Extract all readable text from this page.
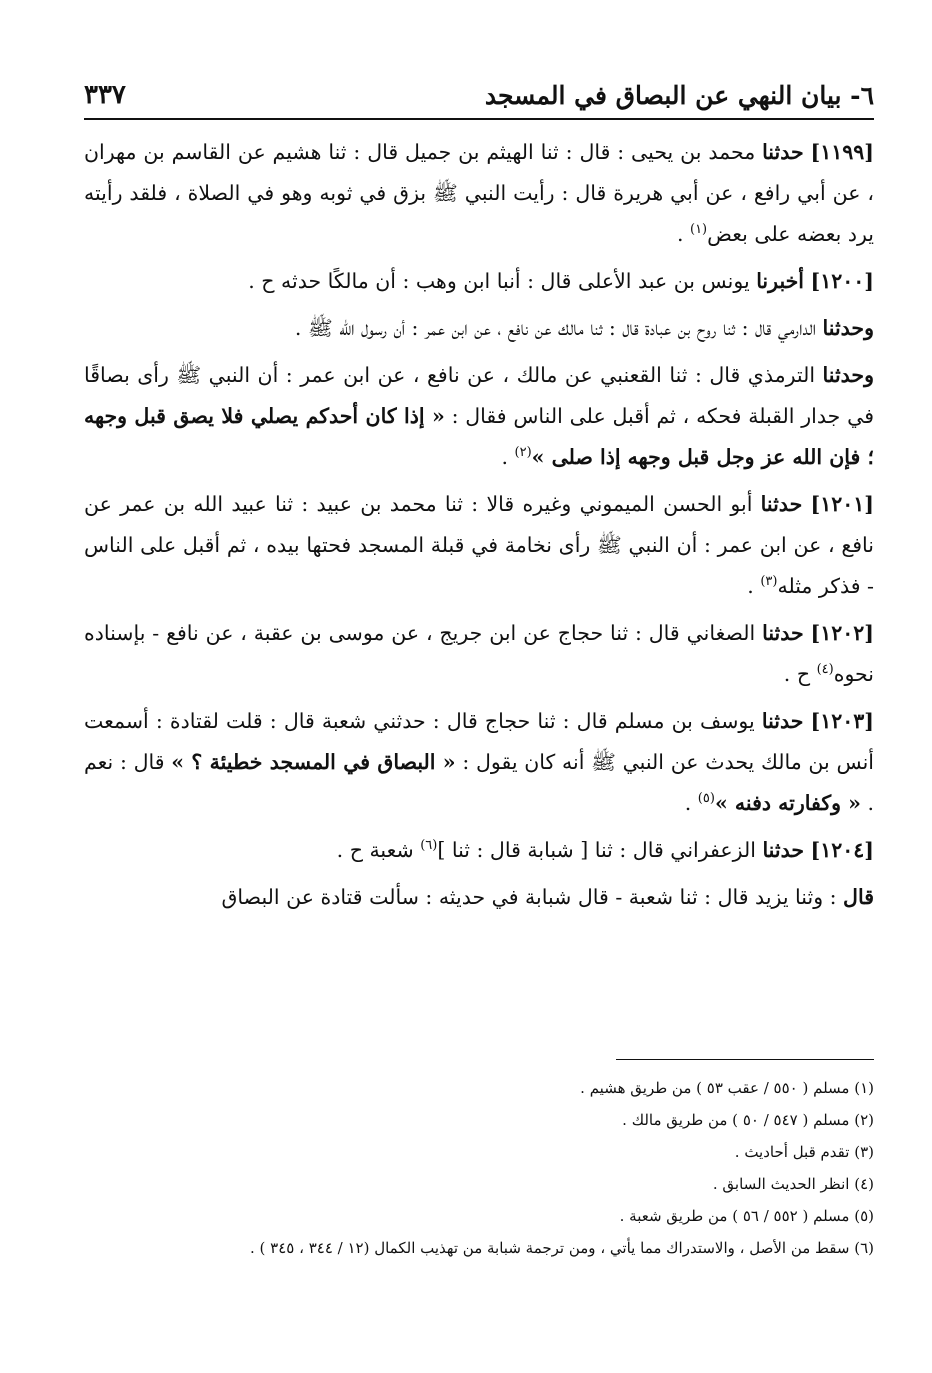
٦- بيان النهي عن البصاق في المسجد
٣٣٧

[١١٩٩] حدثنا محمد بن يحيى : قال : ثنا الهيثم بن جميل قال : ثنا هشيم عن القاسم بن مهران ، عن أبي رافع ، عن أبي هريرة قال : رأيت النبي ﷺ بزق في ثوبه وهو في الصلاة ، فلقد رأيته يرد بعضه على بعض$^{(١)}$ .

[١٢٠٠] أخبرنا يونس بن عبد الأعلى قال : أنبا ابن وهب : أن مالكًا حدثه ح .

وحدثنا الدارمي قال : ثنا روح بن عبادة قال : ثنا مالك عن نافع ، عن ابن عمر : أن رسول الله ﷺ .

وحدثنا الترمذي قال : ثنا القعنبي عن مالك ، عن نافع ، عن ابن عمر : أن النبي ﷺ رأى بصاقًا في جدار القبلة فحكه ، ثم أقبل على الناس فقال : « إذا كان أحدكم يصلي فلا يصق قبل وجهه ؛ فإن الله عز وجل قبل وجهه إذا صلى »$^{(٢)}$ .

[١٢٠١] حدثنا أبو الحسن الميموني وغيره قالا : ثنا محمد بن عبيد : ثنا عبيد الله بن عمر عن نافع ، عن ابن عمر : أن النبي ﷺ رأى نخامة في قبلة المسجد فحتها بيده ، ثم أقبل على الناس - فذكر مثله$^{(٣)}$ .

[١٢٠٢] حدثنا الصغاني قال : ثنا حجاج عن ابن جريج ، عن موسى بن عقبة ، عن نافع - بإسناده نحوه$^{(٤)}$ ح .

[١٢٠٣] حدثنا يوسف بن مسلم قال : ثنا حجاج قال : حدثني شعبة قال : قلت لقتادة : أسمعت أنس بن مالك يحدث عن النبي ﷺ أنه كان يقول : « البصاق في المسجد خطيئة ؟ » قال : نعم . « وكفارته دفنه »$^{(٥)}$ .

[١٢٠٤] حدثنا الزعفراني قال : ثنا [ شبابة قال : ثنا ]$^{(٦)}$ شعبة ح .

قال : وثنا يزيد قال : ثنا شعبة - قال شبابة في حديثه : سألت قتادة عن البصاق

(١) مسلم ( ٥٥٠ / عقب ٥٣ ) من طريق هشيم .
(٢) مسلم ( ٥٤٧ / ٥٠ ) من طريق مالك .
(٣) تقدم قبل أحاديث .
(٤) انظر الحديث السابق .
(٥) مسلم ( ٥٥٢ / ٥٦ ) من طريق شعبة .
(٦) سقط من الأصل ، والاستدراك مما يأتي ، ومن ترجمة شبابة من تهذيب الكمال (١٢ / ٣٤٤ ، ٣٤٥ ) .
